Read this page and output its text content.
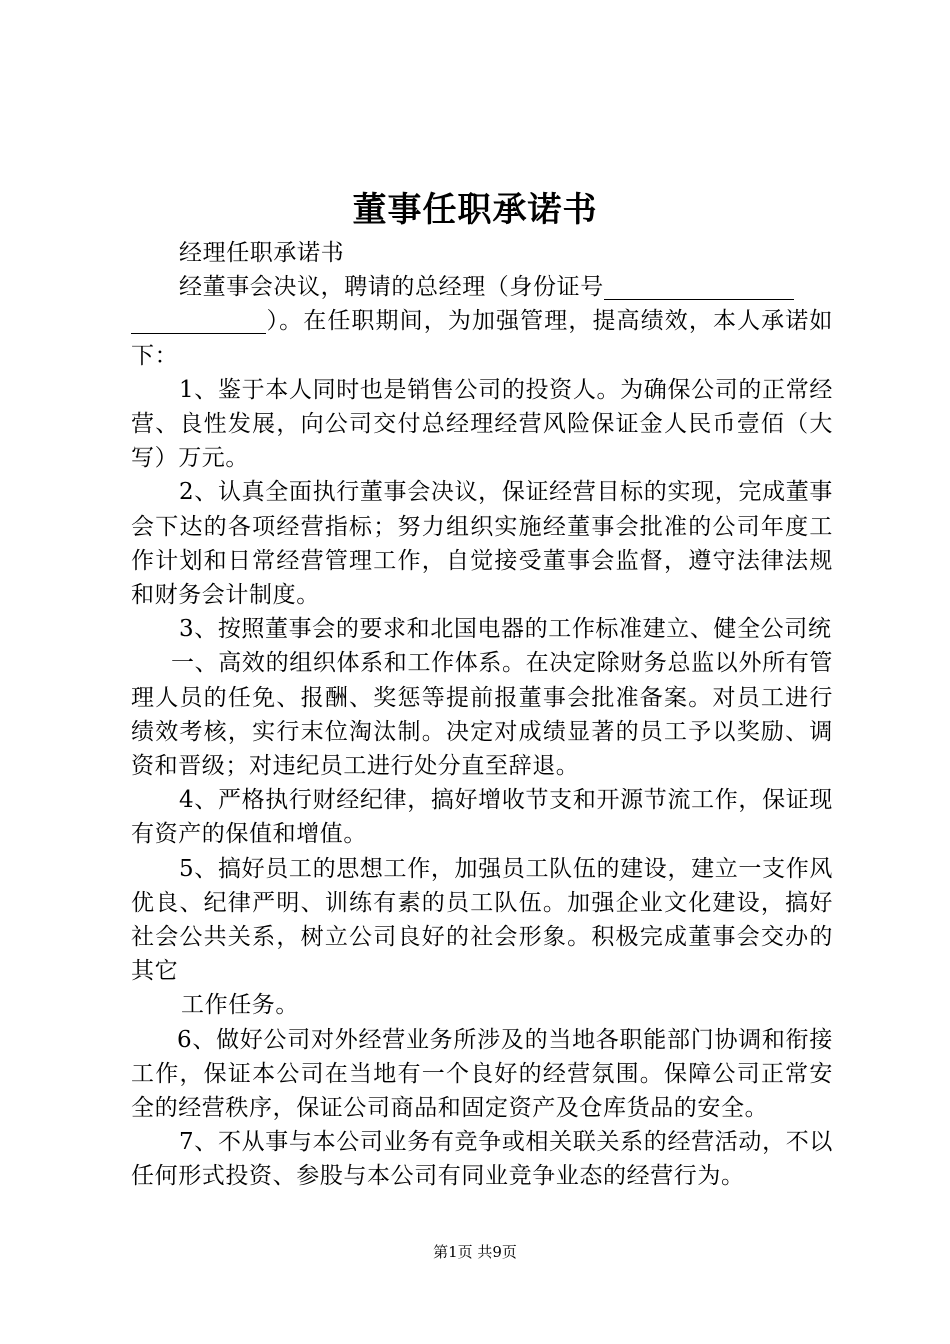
董事任职承诺书

经理任职承诺书

经董事会决议，聘请的总经理（身份证号
）。在任职期间，为加强管理，提高绩效，本人承诺如下：

1、鉴于本人同时也是销售公司的投资人。为确保公司的正常经营、良性发展，向公司交付总经理经营风险保证金人民币壹佰（大写）万元。

2、认真全面执行董事会决议，保证经营目标的实现，完成董事会下达的各项经营指标；努力组织实施经董事会批准的公司年度工作计划和日常经营管理工作，自觉接受董事会监督，遵守法律法规和财务会计制度。

3、按照董事会的要求和北国电器的工作标准建立、健全公司统

一、高效的组织体系和工作体系。在决定除财务总监以外所有管理人员的任免、报酬、奖惩等提前报董事会批准备案。对员工进行绩效考核，实行末位淘汰制。决定对成绩显著的员工予以奖励、调资和晋级；对违纪员工进行处分直至辞退。

4、严格执行财经纪律，搞好增收节支和开源节流工作，保证现有资产的保值和增值。

5、搞好员工的思想工作，加强员工队伍的建设，建立一支作风优良、纪律严明、训练有素的员工队伍。加强企业文化建设，搞好社会公共关系，树立公司良好的社会形象。积极完成董事会交办的其它

工作任务。

6、做好公司对外经营业务所涉及的当地各职能部门协调和衔接工作，保证本公司在当地有一个良好的经营氛围。保障公司正常安全的经营秩序，保证公司商品和固定资产及仓库货品的安全。

7、不从事与本公司业务有竞争或相关联关系的经营活动，不以任何形式投资、参股与本公司有同业竞争业态的经营行为。

第1页 共9页
